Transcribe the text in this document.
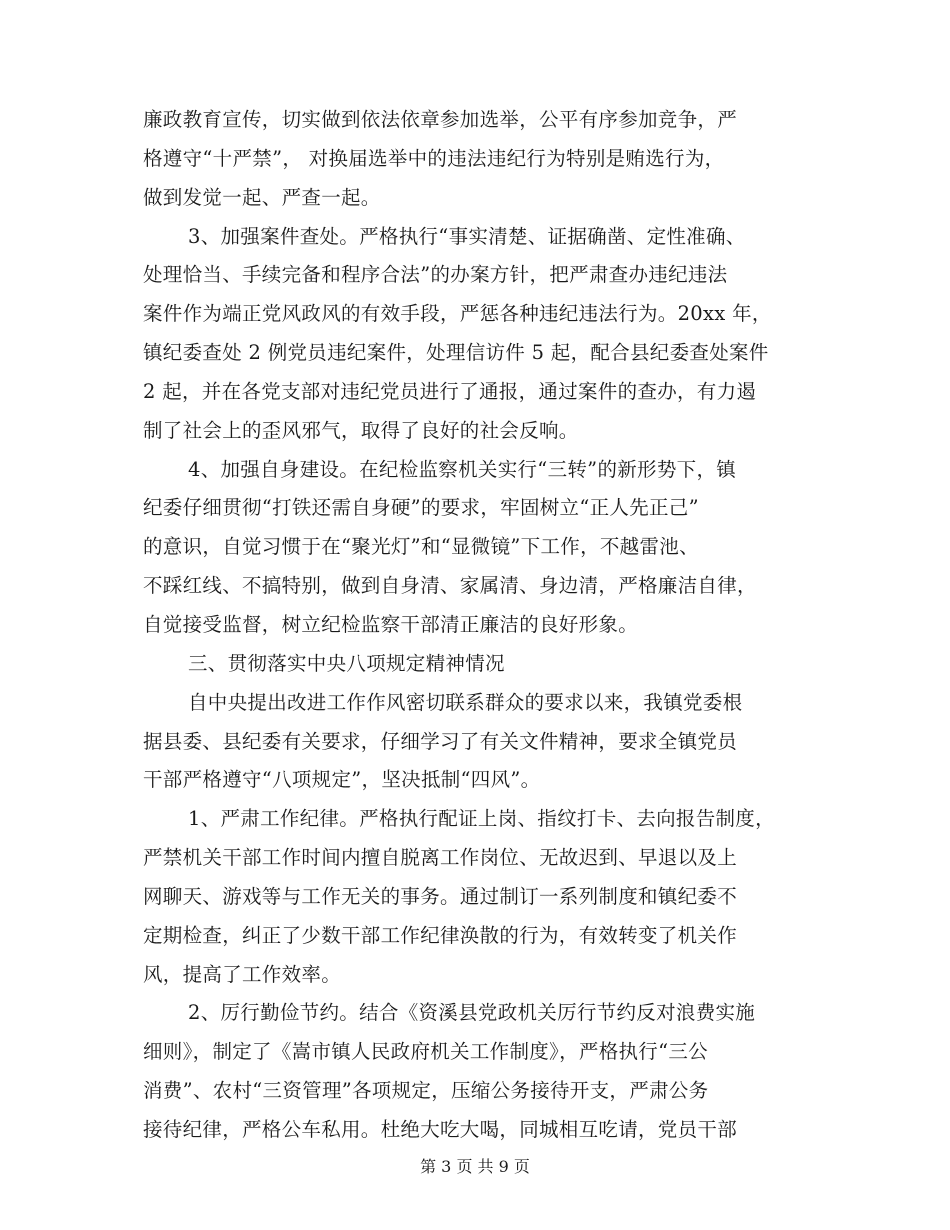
廉政教育宣传，切实做到依法依章参加选举，公平有序参加竞争，严
格遵守“十严禁”， 对换届选举中的违法违纪行为特别是贿选行为，
做到发觉一起、严查一起。
3、加强案件查处。严格执行“事实清楚、证据确凿、定性准确、
处理恰当、手续完备和程序合法”的办案方针，把严肃查办违纪违法
案件作为端正党风政风的有效手段，严惩各种违纪违法行为。20xx 年，
镇纪委查处 2 例党员违纪案件，处理信访件 5 起，配合县纪委查处案件
2 起，并在各党支部对违纪党员进行了通报，通过案件的查办，有力遏
制了社会上的歪风邪气，取得了良好的社会反响。
4、加强自身建设。在纪检监察机关实行“三转”的新形势下，镇
纪委仔细贯彻“打铁还需自身硬”的要求，牢固树立“正人先正己”
的意识，自觉习惯于在“聚光灯”和“显微镜”下工作，不越雷池、
不踩红线、不搞特别，做到自身清、家属清、身边清，严格廉洁自律，
自觉接受监督，树立纪检监察干部清正廉洁的良好形象。
三、贯彻落实中央八项规定精神情况
自中央提出改进工作作风密切联系群众的要求以来，我镇党委根
据县委、县纪委有关要求，仔细学习了有关文件精神，要求全镇党员
干部严格遵守“八项规定”，坚决抵制“四风”。
1、严肃工作纪律。严格执行配证上岗、指纹打卡、去向报告制度，
严禁机关干部工作时间内擅自脱离工作岗位、无故迟到、早退以及上
网聊天、游戏等与工作无关的事务。通过制订一系列制度和镇纪委不
定期检查，纠正了少数干部工作纪律涣散的行为，有效转变了机关作
风，提高了工作效率。
2、厉行勤俭节约。结合《资溪县党政机关厉行节约反对浪费实施
细则》，制定了《嵩市镇人民政府机关工作制度》，严格执行“三公
消费”、农村“三资管理”各项规定，压缩公务接待开支，严肃公务
接待纪律，严格公车私用。杜绝大吃大喝，同城相互吃请，党员干部
第 3 页 共 9 页
